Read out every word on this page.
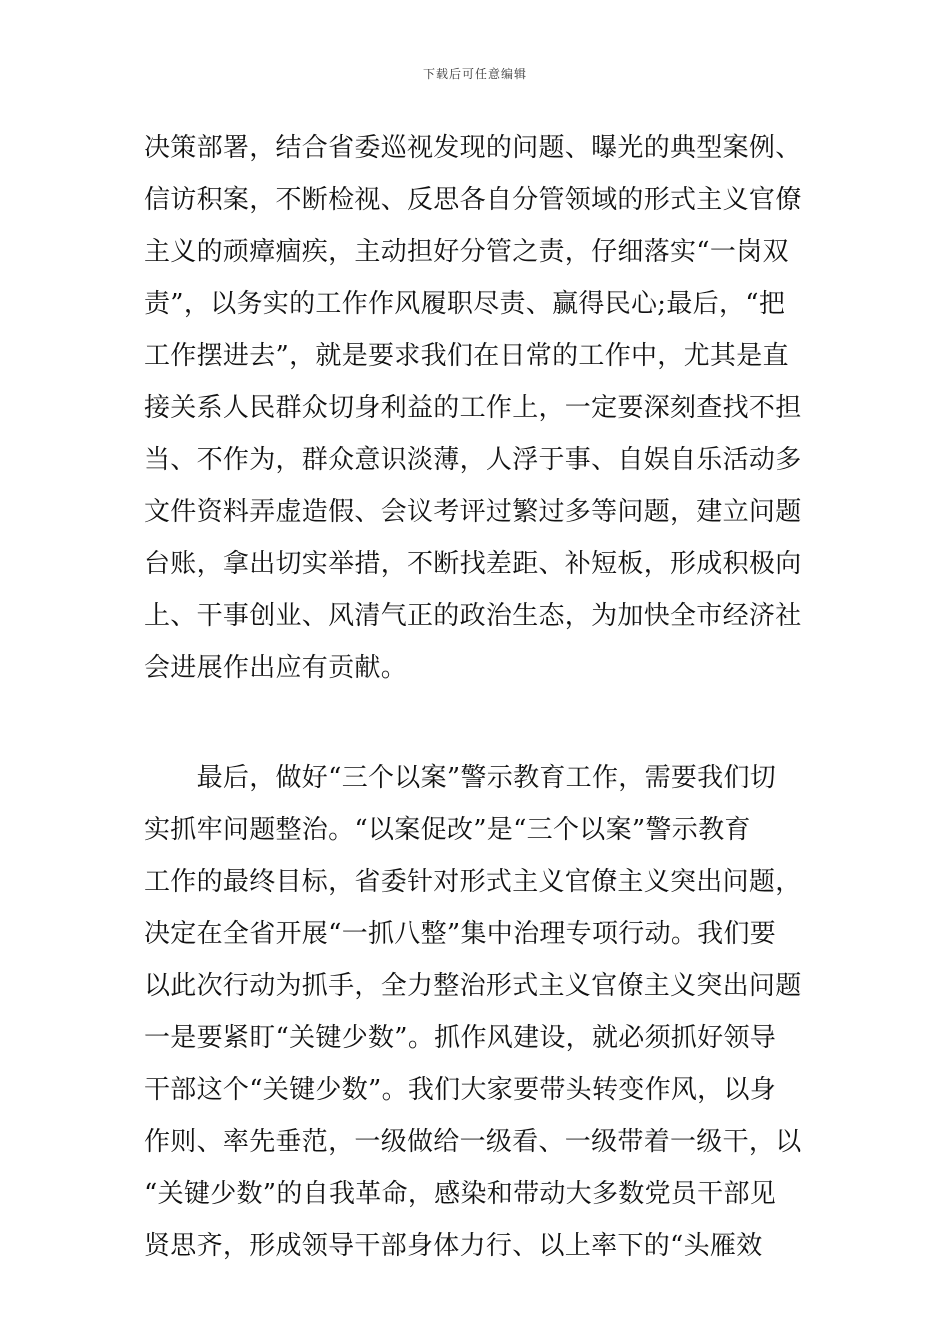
下载后可任意编辑
决策部署，结合省委巡视发现的问题、曝光的典型案例、
信访积案，不断检视、反思各自分管领域的形式主义官僚
主义的顽瘴痼疾，主动担好分管之责，仔细落实“一岗双
责”，以务实的工作作风履职尽责、赢得民心;最后，“把
工作摆进去”，就是要求我们在日常的工作中，尤其是直
接关系人民群众切身利益的工作上，一定要深刻查找不担
当、不作为，群众意识淡薄，人浮于事、自娱自乐活动多
文件资料弄虚造假、会议考评过繁过多等问题，建立问题
台账，拿出切实举措，不断找差距、补短板，形成积极向
上、干事创业、风清气正的政治生态，为加快全市经济社
会进展作出应有贡献。
　　最后，做好“三个以案”警示教育工作，需要我们切
实抓牢问题整治。“以案促改”是“三个以案”警示教育
工作的最终目标，省委针对形式主义官僚主义突出问题，
决定在全省开展“一抓八整”集中治理专项行动。我们要
以此次行动为抓手，全力整治形式主义官僚主义突出问题
一是要紧盯“关键少数”。抓作风建设，就必须抓好领导
干部这个“关键少数”。我们大家要带头转变作风，以身
作则、率先垂范，一级做给一级看、一级带着一级干，以
“关键少数”的自我革命，感染和带动大多数党员干部见
贤思齐，形成领导干部身体力行、以上率下的“头雁效
